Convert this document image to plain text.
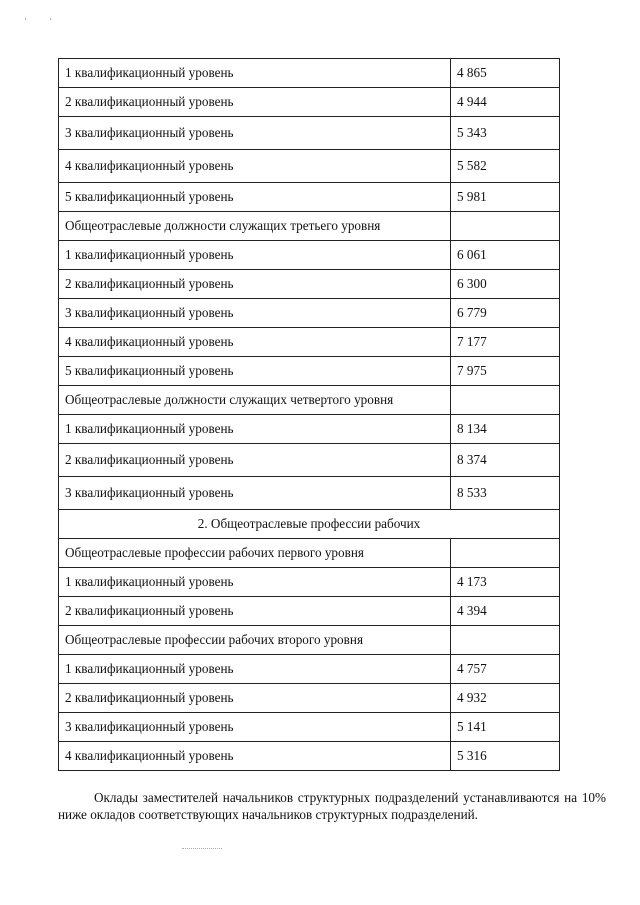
· ·
1 квалификационный уровень	4 865
2 квалификационный уровень	4 944
3 квалификационный уровень	5 343
4 квалификационный уровень	5 582
5 квалификационный уровень	5 981
Общеотраслевые должности служащих третьего уровня	
1 квалификационный уровень	6 061
2 квалификационный уровень	6 300
3 квалификационный уровень	6 779
4 квалификационный уровень	7 177
5 квалификационный уровень	7 975
Общеотраслевые должности служащих четвертого уровня	
1 квалификационный уровень	8 134
2 квалификационный уровень	8 374
3 квалификационный уровень	8 533
2. Общеотраслевые профессии рабочих	
Общеотраслевые профессии рабочих первого уровня	
1 квалификационный уровень	4 173
2 квалификационный уровень	4 394
Общеотраслевые профессии рабочих второго уровня	
1 квалификационный уровень	4 757
2 квалификационный уровень	4 932
3 квалификационный уровень	5 141
4 квалификационный уровень	5 316

Оклады заместителей начальников структурных подразделений устанавливаются на 10% ниже окладов соответствующих начальников структурных подразделений.
